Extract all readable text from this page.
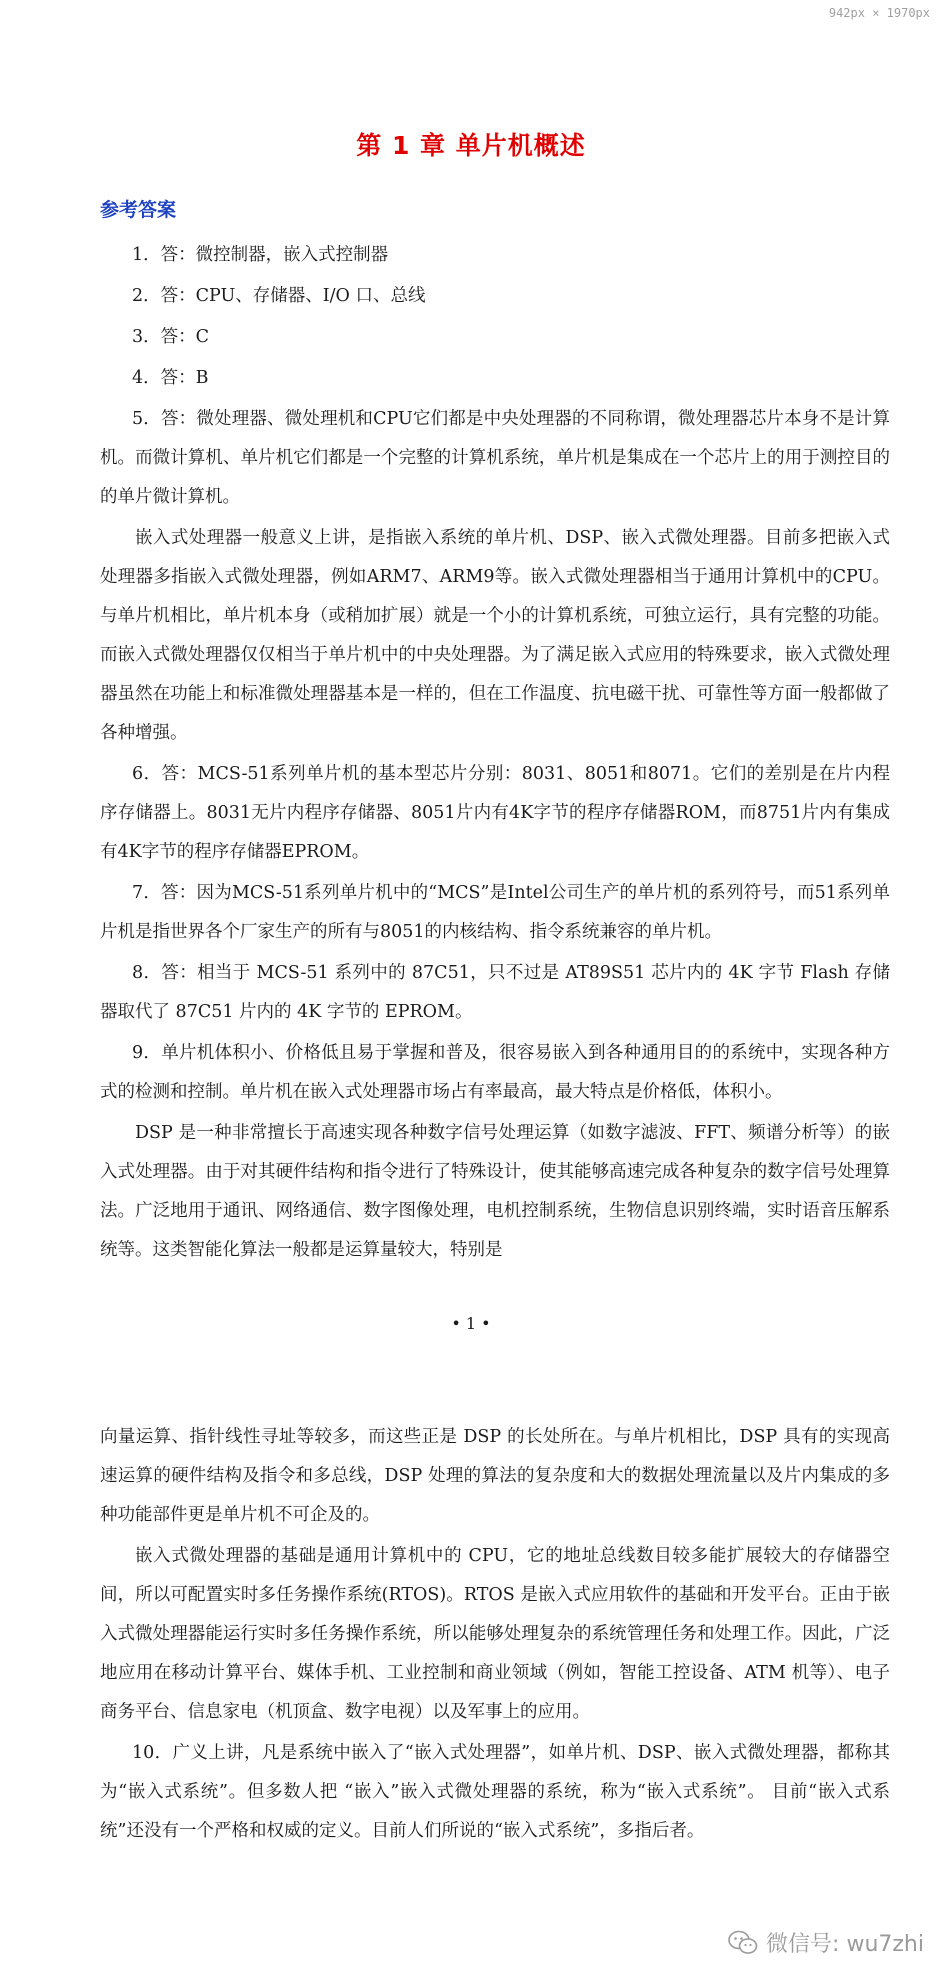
942px × 1970px
第 1 章 单片机概述
参考答案

1．答：微控制器，嵌入式控制器

2．答：CPU、存储器、I/O 口、总线

3．答：C

4．答：B

5．答：微处理器、微处理机和CPU它们都是中央处理器的不同称谓，微处理器芯片本身不是计算机。而微计算机、单片机它们都是一个完整的计算机系统，单片机是集成在一个芯片上的用于测控目的的单片微计算机。

嵌入式处理器一般意义上讲，是指嵌入系统的单片机、DSP、嵌入式微处理器。目前多把嵌入式处理器多指嵌入式微处理器，例如ARM7、ARM9等。嵌入式微处理器相当于通用计算机中的CPU。与单片机相比，单片机本身（或稍加扩展）就是一个小的计算机系统，可独立运行，具有完整的功能。而嵌入式微处理器仅仅相当于单片机中的中央处理器。为了满足嵌入式应用的特殊要求，嵌入式微处理器虽然在功能上和标准微处理器基本是一样的，但在工作温度、抗电磁干扰、可靠性等方面一般都做了各种增强。

6．答：MCS-51系列单片机的基本型芯片分别：8031、8051和8071。它们的差别是在片内程序存储器上。8031无片内程序存储器、8051片内有4K字节的程序存储器ROM，而8751片内有集成有4K字节的程序存储器EPROM。

7．答：因为MCS-51系列单片机中的“MCS”是Intel公司生产的单片机的系列符号，而51系列单片机是指世界各个厂家生产的所有与8051的内核结构、指令系统兼容的单片机。

8．答：相当于 MCS-51 系列中的 87C51，只不过是 AT89S51 芯片内的 4K 字节 Flash 存储器取代了 87C51 片内的 4K 字节的 EPROM。

9．单片机体积小、价格低且易于掌握和普及，很容易嵌入到各种通用目的的系统中，实现各种方式的检测和控制。单片机在嵌入式处理器市场占有率最高，最大特点是价格低，体积小。

DSP 是一种非常擅长于高速实现各种数字信号处理运算（如数字滤波、FFT、频谱分析等）的嵌入式处理器。由于对其硬件结构和指令进行了特殊设计，使其能够高速完成各种复杂的数字信号处理算法。广泛地用于通讯、网络通信、数字图像处理，电机控制系统，生物信息识别终端，实时语音压解系统等。这类智能化算法一般都是运算量较大，特别是

• 1 •

向量运算、指针线性寻址等较多，而这些正是 DSP 的长处所在。与单片机相比，DSP 具有的实现高速运算的硬件结构及指令和多总线，DSP 处理的算法的复杂度和大的数据处理流量以及片内集成的多种功能部件更是单片机不可企及的。

嵌入式微处理器的基础是通用计算机中的 CPU，它的地址总线数目较多能扩展较大的存储器空间，所以可配置实时多任务操作系统(RTOS)。RTOS 是嵌入式应用软件的基础和开发平台。正由于嵌入式微处理器能运行实时多任务操作系统，所以能够处理复杂的系统管理任务和处理工作。因此，广泛地应用在移动计算平台、媒体手机、工业控制和商业领域（例如，智能工控设备、ATM 机等）、电子商务平台、信息家电（机顶盒、数字电视）以及军事上的应用。

10．广义上讲，凡是系统中嵌入了“嵌入式处理器”，如单片机、DSP、嵌入式微处理器，都称其为“嵌入式系统”。但多数人把 “嵌入”嵌入式微处理器的系统，称为“嵌入式系统”。 目前“嵌入式系统”还没有一个严格和权威的定义。目前人们所说的“嵌入式系统”，多指后者。

微信号: wu7zhi
